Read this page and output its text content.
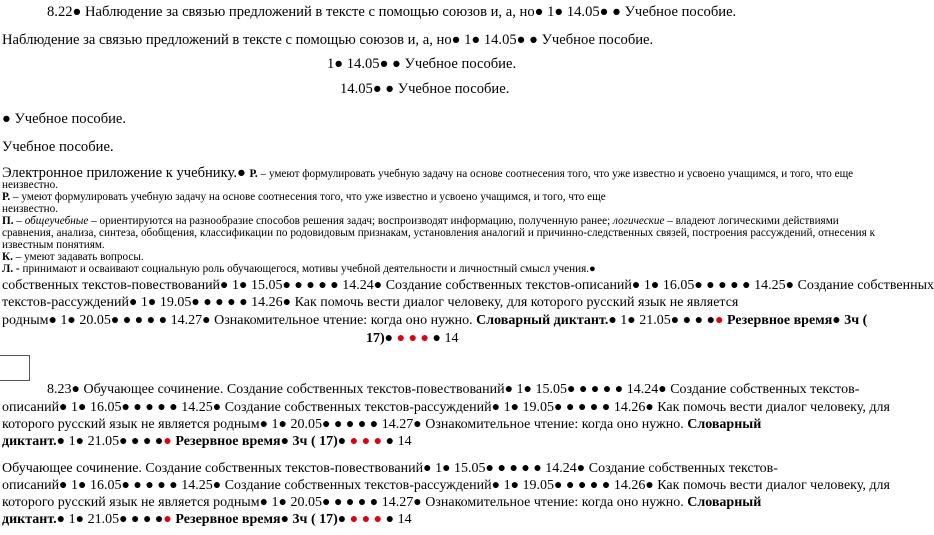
8.22● Наблюдение за связью предложений в тексте с помощью союзов и, а, но● 1● 14.05● ● Учебное пособие.
Наблюдение за связью предложений в тексте с помощью союзов и, а, но● 1● 14.05● ● Учебное пособие.
1● 14.05● ● Учебное пособие.
14.05● ● Учебное пособие.
● Учебное пособие.
Учебное пособие.
Электронное приложение к учебнику.● Р. – умеют формулировать учебную задачу на основе соотнесения того, что уже известно и усвоено учащимся, и того, что еще
неизвестно.
Р. – умеют формулировать учебную задачу на основе соотнесения того, что уже известно и усвоено учащимся, и того, что еще
неизвестно.
П. – общеучебные – ориентируются на разнообразие способов решения задач; воспроизводят информацию, полученную ранее; логические – владеют логическими действиями
сравнения, анализа, синтеза, обобщения, классификации по родовидовым признакам, установления аналогий и причинно-следственных связей, построения рассуждений, отнесения к
известным понятиям.
К. – умеют задавать вопросы.
Л. - принимают и осваивают социальную роль обучающегося, мотивы учебной деятельности и личностный смысл учения.●
собственных текстов-повествований● 1● 15.05● ● ● ● ● 14.24● Создание собственных текстов-описаний● 1● 16.05● ● ● ● ● 14.25● Создание собственных
текстов-рассуждений● 1● 19.05● ● ● ● ● 14.26● Как помочь вести диалог человеку, для которого русский язык не является
родным● 1● 20.05● ● ● ● ● 14.27● Ознакомительное чтение: когда оно нужно. Словарный диктант.● 1● 21.05● ● ● ●● Резервное время● 3ч (
17)● ● ● ● ● 14
8.23● Обучающее сочинение. Создание собственных текстов-повествований● 1● 15.05● ● ● ● ● 14.24● Создание собственных текстов-
описаний● 1● 16.05● ● ● ● ● 14.25● Создание собственных текстов-рассуждений● 1● 19.05● ● ● ● ● 14.26● Как помочь вести диалог человеку, для
которого русский язык не является родным● 1● 20.05● ● ● ● ● 14.27● Ознакомительное чтение: когда оно нужно. Словарный
диктант.● 1● 21.05● ● ● ●● Резервное время● 3ч ( 17)● ● ● ● ● 14
Обучающее сочинение. Создание собственных текстов-повествований● 1● 15.05● ● ● ● ● 14.24● Создание собственных текстов-
описаний● 1● 16.05● ● ● ● ● 14.25● Создание собственных текстов-рассуждений● 1● 19.05● ● ● ● ● 14.26● Как помочь вести диалог человеку, для
которого русский язык не является родным● 1● 20.05● ● ● ● ● 14.27● Ознакомительное чтение: когда оно нужно. Словарный
диктант.● 1● 21.05● ● ● ●● Резервное время● 3ч ( 17)● ● ● ● ● 14
